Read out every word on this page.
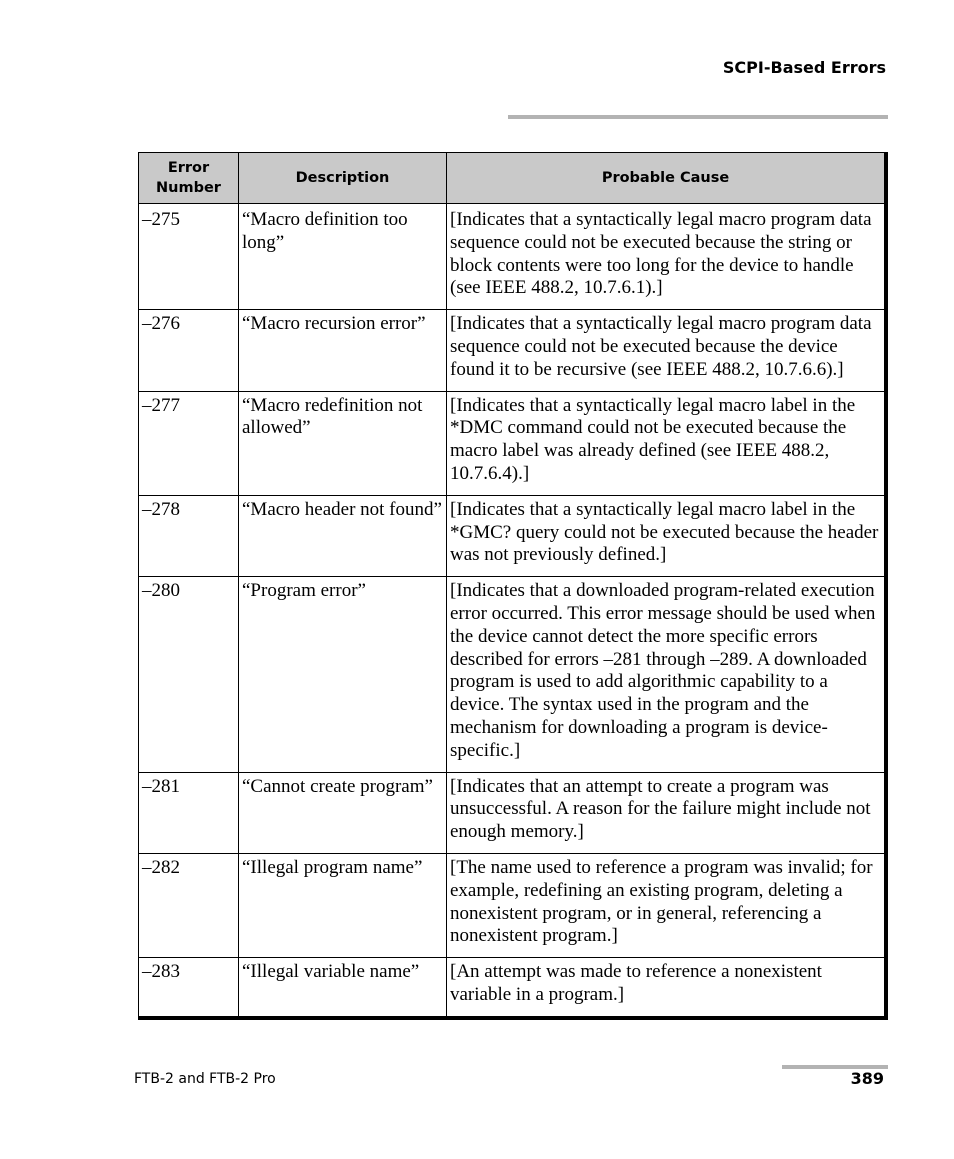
SCPI-Based Errors
Error
Number	Description	Probable Cause

–275	“Macro definition too long”	[Indicates that a syntactically legal macro program data sequence could not be executed because the string or block contents were too long for the device to handle (see IEEE 488.2, 10.7.6.1).]
–276	“Macro recursion error”	[Indicates that a syntactically legal macro program data sequence could not be executed because the device found it to be recursive (see IEEE 488.2, 10.7.6.6).]
–277	“Macro redefinition not allowed”	[Indicates that a syntactically legal macro label in the *DMC command could not be executed because the macro label was already defined (see IEEE 488.2, 10.7.6.4).]
–278	“Macro header not found”	[Indicates that a syntactically legal macro label in the *GMC? query could not be executed because the header was not previously defined.]
–280	“Program error”	[Indicates that a downloaded program-related execution error occurred. This error message should be used when the device cannot detect the more specific errors described for errors –281 through –289. A downloaded program is used to add algorithmic capability to a device. The syntax used in the program and the mechanism for downloading a program is device-specific.]
–281	“Cannot create program”	[Indicates that an attempt to create a program was unsuccessful. A reason for the failure might include not enough memory.]
–282	“Illegal program name”	[The name used to reference a program was invalid; for example, redefining an existing program, deleting a nonexistent program, or in general, referencing a nonexistent program.]
–283	“Illegal variable name”	[An attempt was made to reference a nonexistent variable in a program.]
FTB-2 and FTB-2 Pro	389
